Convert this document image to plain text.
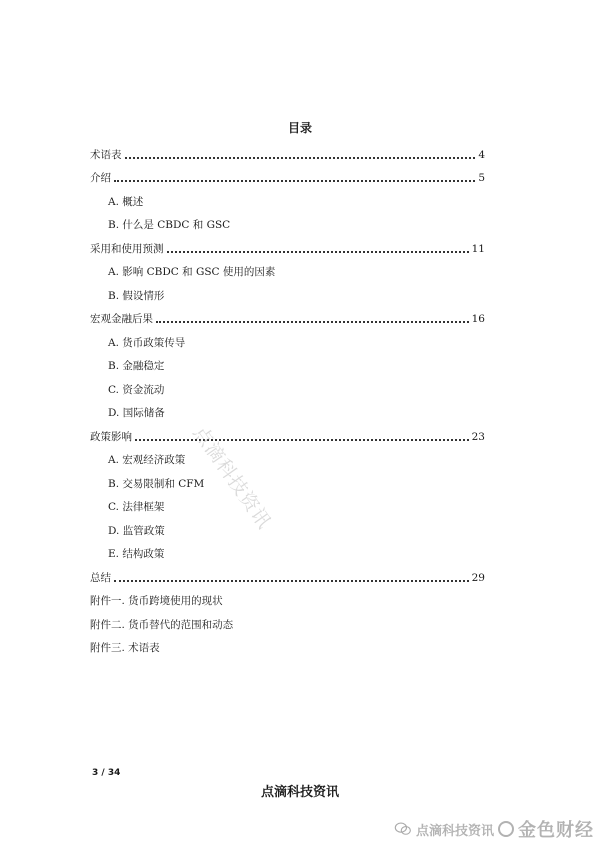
目录
术语表	4
介绍	5
A. 概述
B. 什么是 CBDC 和 GSC
采用和使用预测	11
A. 影响 CBDC 和 GSC 使用的因素
B. 假设情形
宏观金融后果	16
A. 货币政策传导
B. 金融稳定
C. 资金流动
D. 国际储备
政策影响	23
A. 宏观经济政策
B. 交易限制和 CFM
C. 法律框架
D. 监管政策
E. 结构政策
总结	29
附件一. 货币跨境使用的现状
附件二. 货币替代的范围和动态
附件三. 术语表
点滴科技资讯
3 / 34
点滴科技资讯
点滴科技资讯 金色财经
